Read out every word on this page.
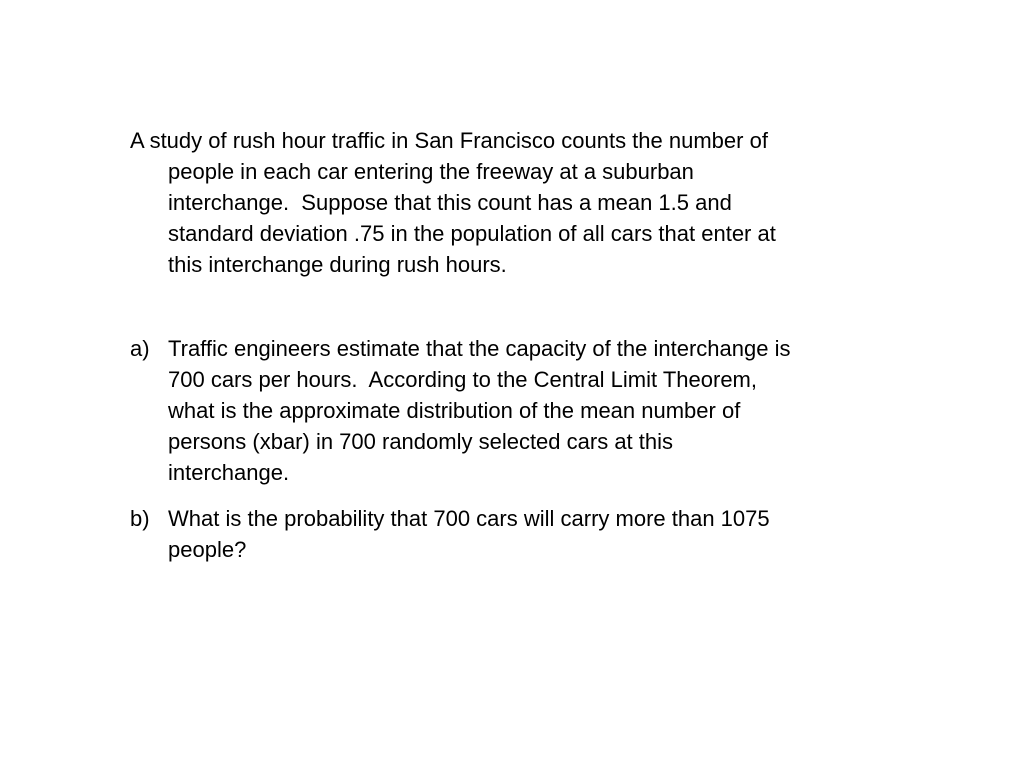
A study of rush hour traffic in San Francisco counts the number of
people in each car entering the freeway at a suburban
interchange.  Suppose that this count has a mean 1.5 and
standard deviation .75 in the population of all cars that enter at
this interchange during rush hours.

a) Traffic engineers estimate that the capacity of the interchange is
700 cars per hours.  According to the Central Limit Theorem,
what is the approximate distribution of the mean number of
persons (xbar) in 700 randomly selected cars at this
interchange.
b) What is the probability that 700 cars will carry more than 1075
people?
